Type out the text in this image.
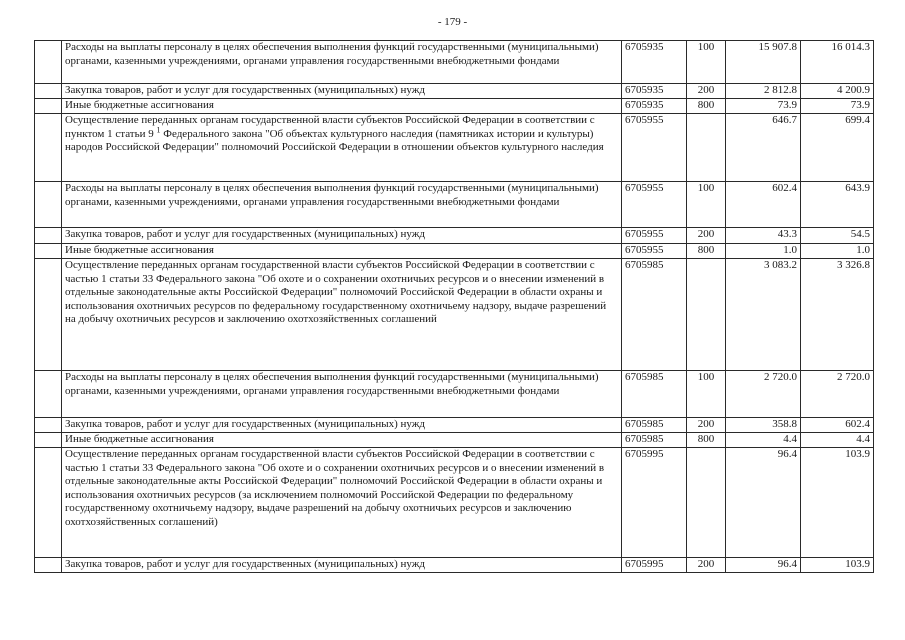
- 179 -
	Расходы на выплаты персоналу в целях обеспечения выполнения функций государственными (муниципальными) органами, казенными учреждениями, органами управления государственными внебюджетными фондами	6705935	100	15 907.8	16 014.3
	Закупка товаров, работ и услуг для государственных (муниципальных) нужд	6705935	200	2 812.8	4 200.9
	Иные бюджетные ассигнования	6705935	800	73.9	73.9
	Осуществление переданных органам государственной власти субъектов Российской Федерации в соответствии с пунктом 1 статьи 9 $^1$ Федерального закона "Об объектах культурного наследия (памятниках истории и культуры) народов Российской Федерации" полномочий Российской Федерации в отношении объектов культурного наследия	6705955		646.7	699.4
	Расходы на выплаты персоналу в целях обеспечения выполнения функций государственными (муниципальными) органами, казенными учреждениями, органами управления государственными внебюджетными фондами	6705955	100	602.4	643.9
	Закупка товаров, работ и услуг для государственных (муниципальных) нужд	6705955	200	43.3	54.5
	Иные бюджетные ассигнования	6705955	800	1.0	1.0
	Осуществление переданных органам государственной власти субъектов Российской Федерации в соответствии с частью 1 статьи 33 Федерального закона "Об охоте и о сохранении охотничьих ресурсов и о внесении изменений в отдельные законодательные акты Российской Федерации" полномочий Российской Федерации в области охраны и использования охотничьих ресурсов по федеральному государственному охотничьему надзору, выдаче разрешений на добычу охотничьих ресурсов и заключению охотхозяйственных соглашений	6705985		3 083.2	3 326.8
	Расходы на выплаты персоналу в целях обеспечения выполнения функций государственными (муниципальными) органами, казенными учреждениями, органами управления государственными внебюджетными фондами	6705985	100	2 720.0	2 720.0
	Закупка товаров, работ и услуг для государственных (муниципальных) нужд	6705985	200	358.8	602.4
	Иные бюджетные ассигнования	6705985	800	4.4	4.4
	Осуществление переданных органам государственной власти субъектов Российской Федерации в соответствии с частью 1 статьи 33 Федерального закона "Об охоте и о сохранении охотничьих ресурсов и о внесении изменений в отдельные законодательные акты Российской Федерации" полномочий Российской Федерации в области охраны и использования охотничьих ресурсов (за исключением полномочий Российской Федерации по федеральному государственному охотничьему надзору, выдаче разрешений на добычу охотничьих ресурсов и заключению охотхозяйственных соглашений)	6705995		96.4	103.9
	Закупка товаров, работ и услуг для государственных (муниципальных) нужд	6705995	200	96.4	103.9
